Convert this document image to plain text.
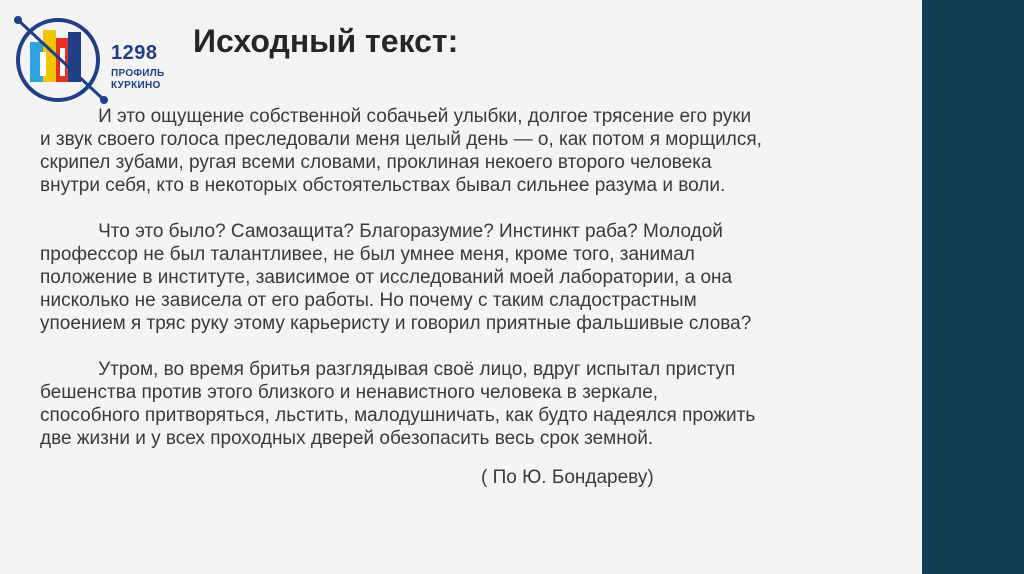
1298
ПРОФИЛЬ
КУРКИНО
Исходный текст:

И это ощущение собственной собачьей улыбки, долгое трясение его руки
и звук своего голоса преследовали меня целый день — о, как потом я морщился,
скрипел зубами, ругая всеми словами, проклиная некоего второго человека
внутри себя, кто в некоторых обстоятельствах бывал сильнее разума и воли.

Что это было? Самозащита? Благоразумие? Инстинкт раба? Молодой
профессор не был талантливее, не был умнее меня, кроме того, занимал
положение в институте, зависимое от исследований моей лаборатории, а она
нисколько не зависела от его работы. Но почему с таким сладострастным
упоением я тряс руку этому карьеристу и говорил приятные фальшивые слова?

Утром, во время бритья разглядывая своё лицо, вдруг испытал приступ
бешенства против этого близкого и ненавистного человека в зеркале,
способного притворяться, льстить, малодушничать, как будто надеялся прожить
две жизни и у всех проходных дверей обезопасить весь срок земной.

( По Ю. Бондареву)
